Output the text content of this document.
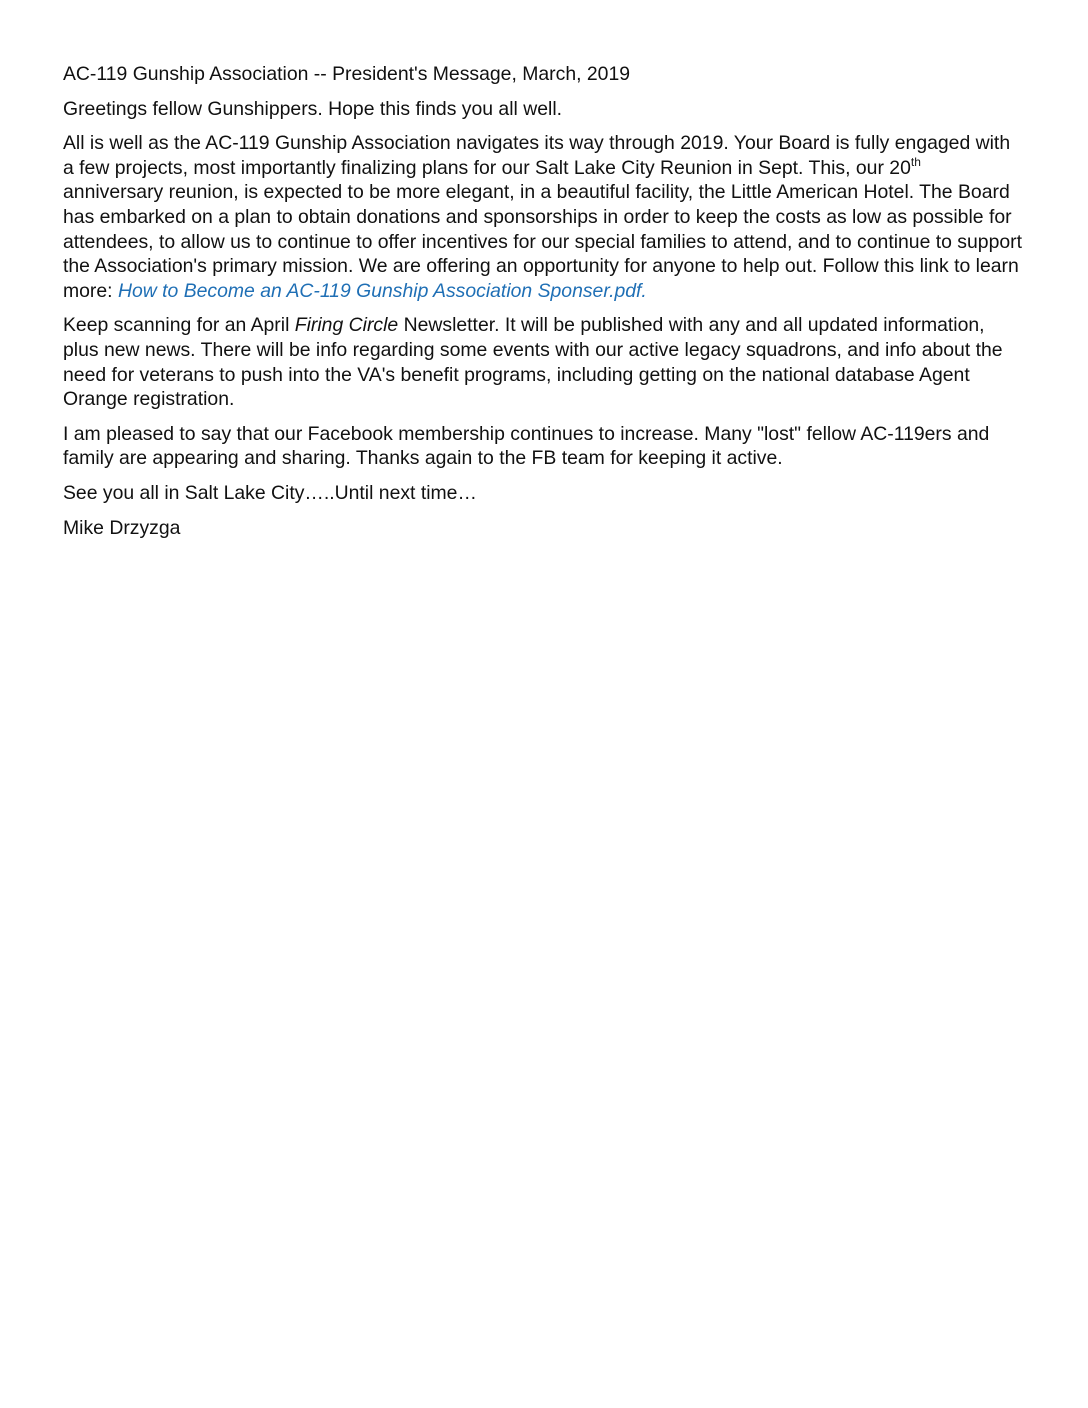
AC-119 Gunship Association -- President's Message, March, 2019

Greetings fellow Gunshippers. Hope this finds you all well.

All is well as the AC-119 Gunship Association navigates its way through 2019. Your Board is fully engaged with a few projects, most importantly finalizing plans for our Salt Lake City Reunion in Sept. This, our 20th anniversary reunion, is expected to be more elegant, in a beautiful facility, the Little American Hotel. The Board has embarked on a plan to obtain donations and sponsorships in order to keep the costs as low as possible for attendees, to allow us to continue to offer incentives for our special families to attend, and to continue to support the Association's primary mission. We are offering an opportunity for anyone to help out. Follow this link to learn more: How to Become an AC-119 Gunship Association Sponser.pdf.

Keep scanning for an April Firing Circle Newsletter. It will be published with any and all updated information, plus new news. There will be info regarding some events with our active legacy squadrons, and info about the need for veterans to push into the VA's benefit programs, including getting on the national database Agent Orange registration.

I am pleased to say that our Facebook membership continues to increase. Many "lost" fellow AC-119ers and family are appearing and sharing. Thanks again to the FB team for keeping it active.

See you all in Salt Lake City…..Until next time…

Mike Drzyzga
